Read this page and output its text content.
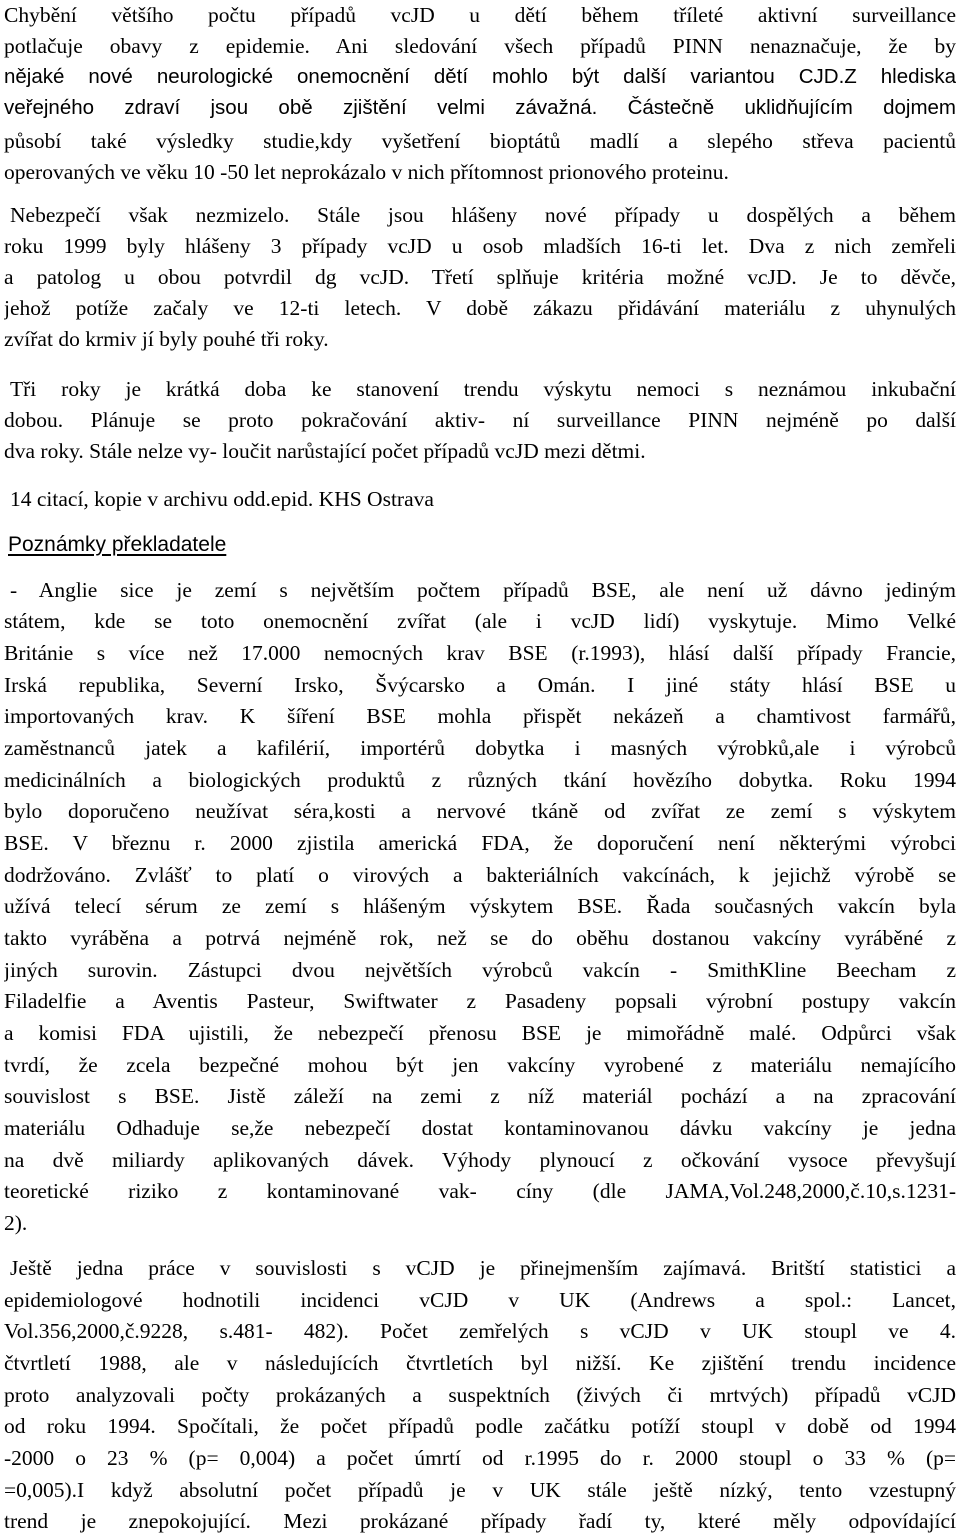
Chybění většího počtu případů vcJD u dětí během tříleté aktivní surveillance
potlačuje obavy z epidemie. Ani sledování všech případů PINN nenaznačuje, že by
nějaké nové neurologické onemocnění dětí mohlo být další variantou CJD.Z hlediska
veřejného zdraví jsou obě zjištění velmi závažná. Částečně uklidňujícím dojmem
působí také výsledky studie,kdy vyšetření bioptátů madlí a slepého střeva pacientů
operovaných ve věku 10 -50 let neprokázalo v nich přítomnost prionového proteinu.
Nebezpečí však nezmizelo. Stále jsou hlášeny nové případy u dospělých a během
roku 1999 byly hlášeny 3 případy vcJD u osob mladších 16-ti let. Dva z nich zemřeli
a patolog u obou potvrdil dg vcJD. Třetí splňuje kritéria možné vcJD. Je to děvče,
jehož potíže začaly ve 12-ti letech. V době zákazu přidávání materiálu z uhynulých
zvířat do krmiv jí byly pouhé tři roky.
Tři roky je krátká doba ke stanovení trendu výskytu nemoci s neznámou inkubační
dobou. Plánuje se proto pokračování aktiv- ní surveillance PINN nejméně po další
dva roky. Stále nelze vy- loučit narůstající počet případů vcJD mezi dětmi.
14 citací, kopie v archivu odd.epid. KHS Ostrava
Poznámky překladatele
- Anglie sice je zemí s největším počtem případů BSE, ale není už dávno jediným
státem, kde se toto onemocnění zvířat (ale i vcJD lidí) vyskytuje. Mimo Velké
Británie s více než 17.000 nemocných krav BSE (r.1993), hlásí další případy Francie,
Irská republika, Severní Irsko, Švýcarsko a Omán. I jiné státy hlásí BSE u
importovaných krav. K šíření BSE mohla přispět nekázeň a chamtivost farmářů,
zaměstnanců jatek a kafilérií, importérů dobytka i masných výrobků,ale i výrobců
medicinálních a biologických produktů z různých tkání hovězího dobytka. Roku 1994
bylo doporučeno neužívat séra,kosti a nervové tkáně od zvířat ze zemí s výskytem
BSE. V březnu r. 2000 zjistila americká FDA, že doporučení není některými výrobci
dodržováno. Zvlášť to platí o virových a bakteriálních vakcínách, k jejichž výrobě se
užívá telecí sérum ze zemí s hlášeným výskytem BSE. Řada současných vakcín byla
takto vyráběna a potrvá nejméně rok, než se do oběhu dostanou vakcíny vyráběné z
jiných surovin. Zástupci dvou největších výrobců vakcín - SmithKline Beecham z
Filadelfie a Aventis Pasteur, Swiftwater z Pasadeny popsali výrobní postupy vakcín
a komisi FDA ujistili, že nebezpečí přenosu BSE je mimořádně malé. Odpůrci však
tvrdí, že zcela bezpečné mohou být jen vakcíny vyrobené z materiálu nemajícího
souvislost s BSE. Jistě záleží na zemi z níž materiál pochází a na zpracování
materiálu Odhaduje se,že nebezpečí dostat kontaminovanou dávku vakcíny je jedna
na dvě miliardy aplikovaných dávek. Výhody plynoucí z očkování vysoce převyšují
teoretické riziko z kontaminované vak- cíny (dle JAMA,Vol.248,2000,č.10,s.1231-
2).
Ještě jedna práce v souvislosti s vCJD je přinejmenším zajímavá. Britští statistici a
epidemiologové hodnotili incidenci vCJD v UK (Andrews a spol.: Lancet,
Vol.356,2000,č.9228, s.481- 482). Počet zemřelých s vCJD v UK stoupl ve 4.
čtvrtletí 1988, ale v následujících čtvrtletích byl nižší. Ke zjištění trendu incidence
proto analyzovali počty prokázaných a suspektních (živých či mrtvých) případů vCJD
od roku 1994. Spočítali, že počet případů podle začátku potíží stoupl v době od 1994
-2000 o 23 % (p= 0,004) a počet úmrtí od r.1995 do r. 2000 stoupl o 33 % (p=
=0,005).I když absolutní počet případů je v UK stále ještě nízký, tento vzestupný
trend je znepokojující. Mezi prokázané případy řadí ty, které měly odpovídající
